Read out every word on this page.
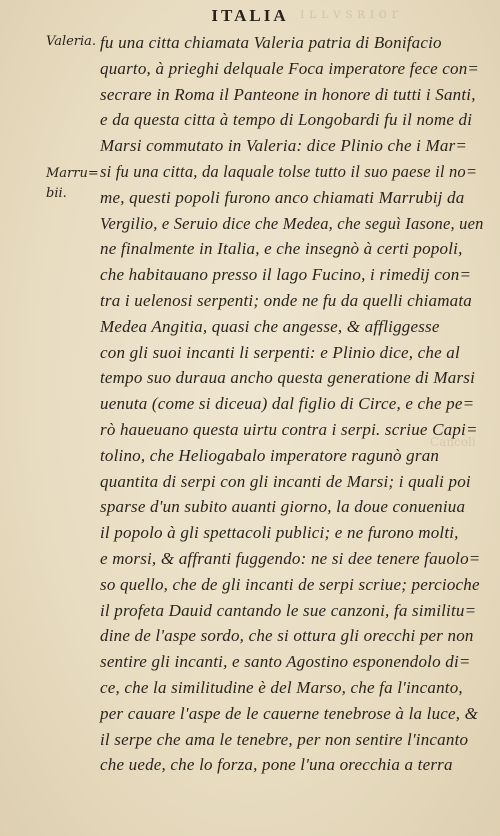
ɪ ʟ ʟ ᴠ s ʀ ɪ ᴏ r
Cancoli
ITALIA
Valeria.
Marru=
bii.
fu una citta chiamata Valeria patria di Bonifacio
quarto, à prieghi delquale Foca imperatore fece con=
secrare in Roma il Panteone in honore di tutti i Santi,
e da questa citta à tempo di Longobardi fu il nome di
Marsi commutato in Valeria: dice Plinio che i Mar=
si fu una citta, da laquale tolse tutto il suo paese il no=
me, questi popoli furono anco chiamati Marrubij da
Vergilio, e Seruio dice che Medea, che seguì Iasone, uen
ne finalmente in Italia, e che insegnò à certi popoli,
che habitauano presso il lago Fucino, i rimedij con=
tra i uelenosi serpenti; onde ne fu da quelli chiamata
Medea Angitia, quasi che angesse, & affliggesse
con gli suoi incanti li serpenti: e Plinio dice, che al
tempo suo duraua ancho questa generatione di Marsi
uenuta (come si diceua) dal figlio di Circe, e che pe=
rò haueuano questa uirtu contra i serpi. scriue Capi=
tolino, che Heliogabalo imperatore ragunò gran
quantita di serpi con gli incanti de Marsi; i quali poi
sparse d'un subito auanti giorno, la doue conueniua
il popolo à gli spettacoli publici; e ne furono molti,
e morsi, & affranti fuggendo: ne si dee tenere fauolo=
so quello, che de gli incanti de serpi scriue; percioche
il profeta Dauid cantando le sue canzoni, fa similitu=
dine de l'aspe sordo, che si ottura gli orecchi per non
sentire gli incanti, e santo Agostino esponendolo di=
ce, che la similitudine è del Marso, che fa l'incanto,
per cauare l'aspe de le cauerne tenebrose à la luce, &
il serpe che ama le tenebre, per non sentire l'incanto
che uede, che lo forza, pone l'una orecchia a terra
